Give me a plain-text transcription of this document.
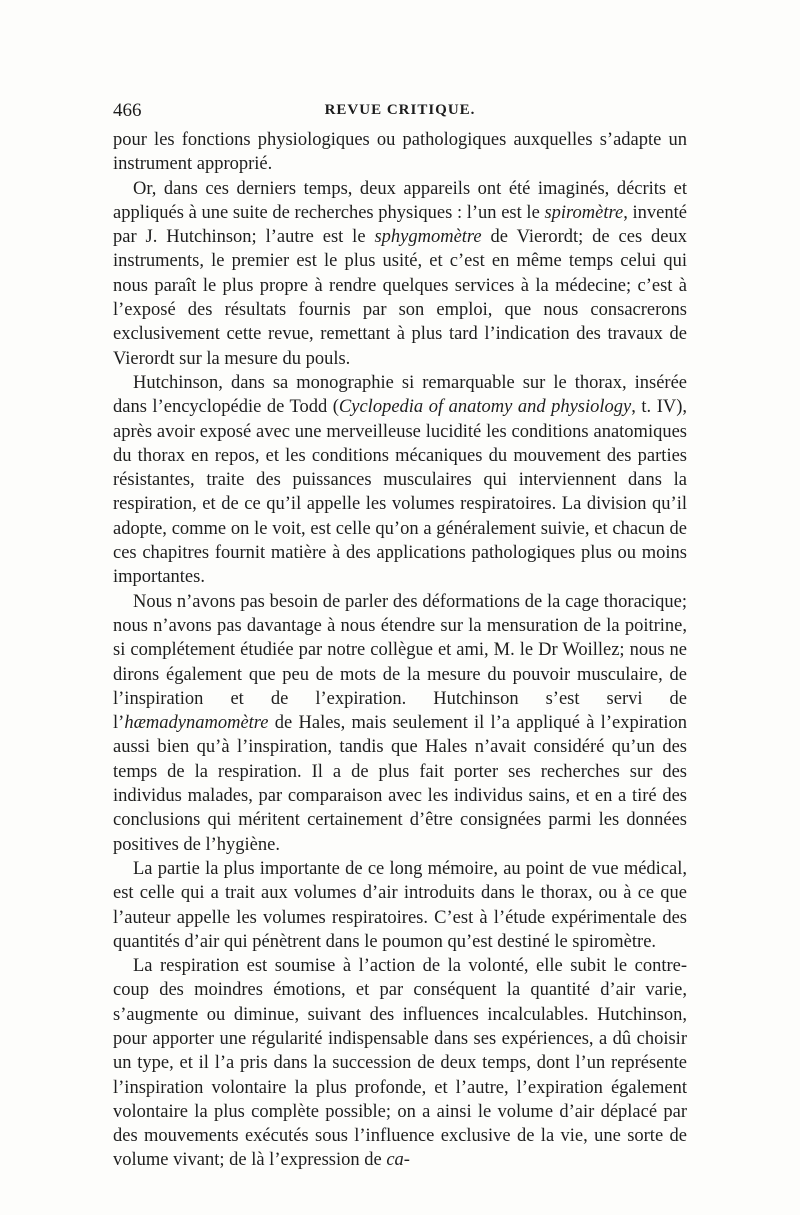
466	REVUE CRITIQUE.

pour les fonctions physiologiques ou pathologiques auxquelles s’adapte un instrument approprié.

Or, dans ces derniers temps, deux appareils ont été imaginés, décrits et appliqués à une suite de recherches physiques : l’un est le spiromètre, inventé par J. Hutchinson; l’autre est le sphygmomètre de Vierordt; de ces deux instruments, le premier est le plus usité, et c’est en même temps celui qui nous paraît le plus propre à rendre quelques services à la médecine; c’est à l’exposé des résultats fournis par son emploi, que nous consacrerons exclusivement cette revue, remettant à plus tard l’indication des travaux de Vierordt sur la mesure du pouls.

Hutchinson, dans sa monographie si remarquable sur le thorax, insérée dans l’encyclopédie de Todd (Cyclopedia of anatomy and physiology, t. IV), après avoir exposé avec une merveilleuse lucidité les conditions anatomiques du thorax en repos, et les conditions mécaniques du mouvement des parties résistantes, traite des puissances musculaires qui interviennent dans la respiration, et de ce qu’il appelle les volumes respiratoires. La division qu’il adopte, comme on le voit, est celle qu’on a généralement suivie, et chacun de ces chapitres fournit matière à des applications pathologiques plus ou moins importantes.

Nous n’avons pas besoin de parler des déformations de la cage thoracique; nous n’avons pas davantage à nous étendre sur la mensuration de la poitrine, si complétement étudiée par notre collègue et ami, M. le Dr Woillez; nous ne dirons également que peu de mots de la mesure du pouvoir musculaire, de l’inspiration et de l’expiration. Hutchinson s’est servi de l’hæmadynamomètre de Hales, mais seulement il l’a appliqué à l’expiration aussi bien qu’à l’inspiration, tandis que Hales n’avait considéré qu’un des temps de la respiration. Il a de plus fait porter ses recherches sur des individus malades, par comparaison avec les individus sains, et en a tiré des conclusions qui méritent certainement d’être consignées parmi les données positives de l’hygiène.

La partie la plus importante de ce long mémoire, au point de vue médical, est celle qui a trait aux volumes d’air introduits dans le thorax, ou à ce que l’auteur appelle les volumes respiratoires. C’est à l’étude expérimentale des quantités d’air qui pénètrent dans le poumon qu’est destiné le spiromètre.

La respiration est soumise à l’action de la volonté, elle subit le contre-coup des moindres émotions, et par conséquent la quantité d’air varie, s’augmente ou diminue, suivant des influences incalculables. Hutchinson, pour apporter une régularité indispensable dans ses expériences, a dû choisir un type, et il l’a pris dans la succession de deux temps, dont l’un représente l’inspiration volontaire la plus profonde, et l’autre, l’expiration également volontaire la plus complète possible; on a ainsi le volume d’air déplacé par des mouvements exécutés sous l’influence exclusive de la vie, une sorte de volume vivant; de là l’expression de ca-
